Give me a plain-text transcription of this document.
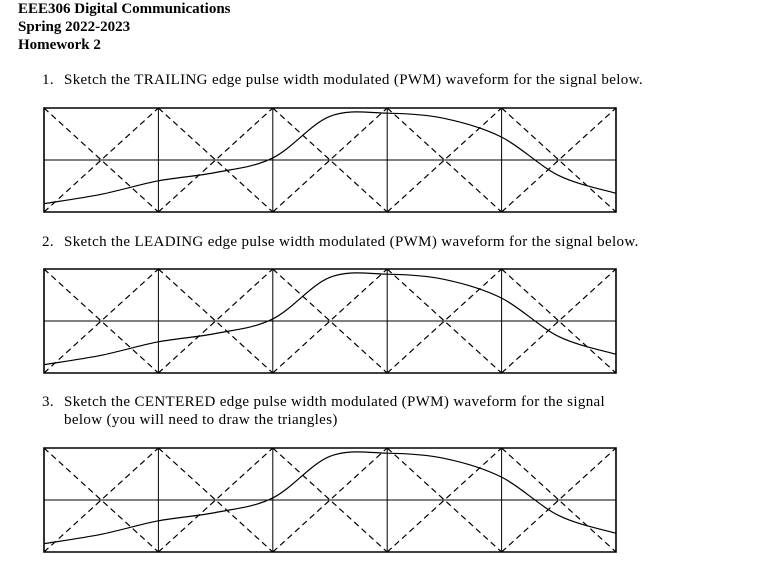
EEE306 Digital Communications
Spring 2022-2023
Homework 2
1. Sketch the TRAILING edge pulse width modulated (PWM) waveform for the signal below.
2. Sketch the LEADING edge pulse width modulated (PWM) waveform for the signal below.
3. Sketch the CENTERED edge pulse width modulated (PWM) waveform for the signal
below (you will need to draw the triangles)
